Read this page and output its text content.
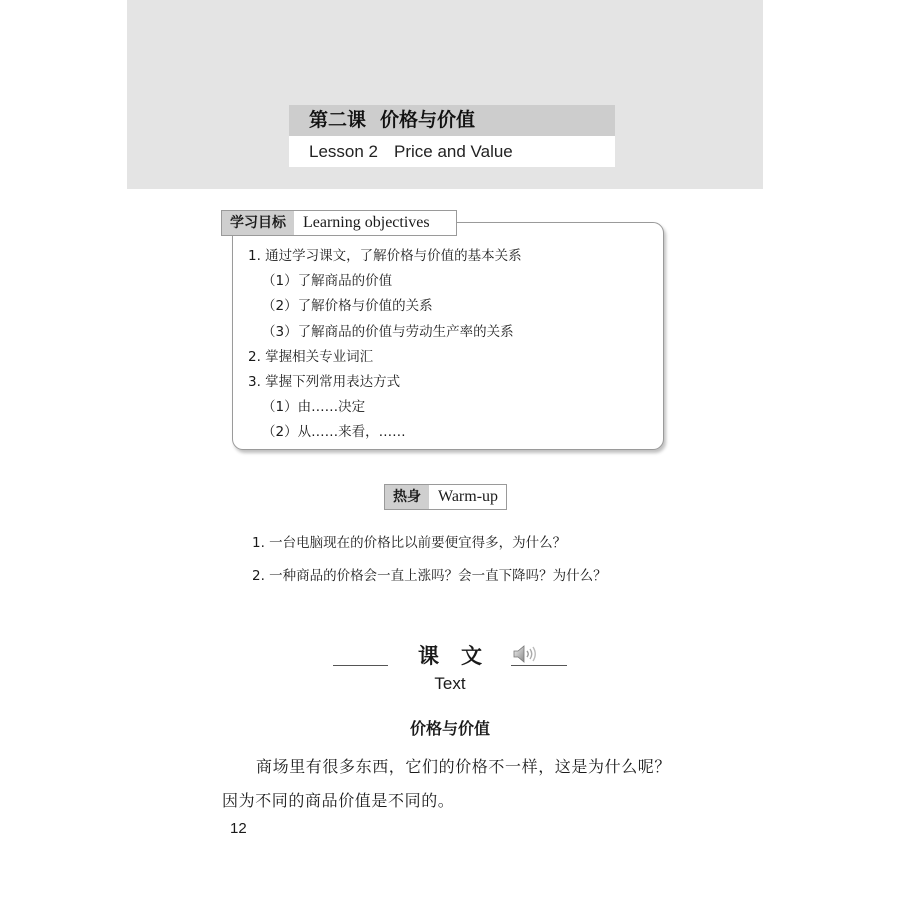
第二课 价格与价值
Lesson 2 Price and Value
学习目标	Learning objectives
1. 通过学习课文，了解价格与价值的基本关系
（1）了解商品的价值
（2）了解价格与价值的关系
（3）了解商品的价值与劳动生产率的关系
2. 掌握相关专业词汇
3. 掌握下列常用表达方式
（1）由……决定
（2）从……来看，……
热身	Warm-up
1. 一台电脑现在的价格比以前要便宜得多，为什么？
2. 一种商品的价格会一直上涨吗？会一直下降吗？为什么？
课文
Text
价格与价值

商场里有很多东西，它们的价格不一样，这是为什么呢？因为不同的商品价值是不同的。

12
